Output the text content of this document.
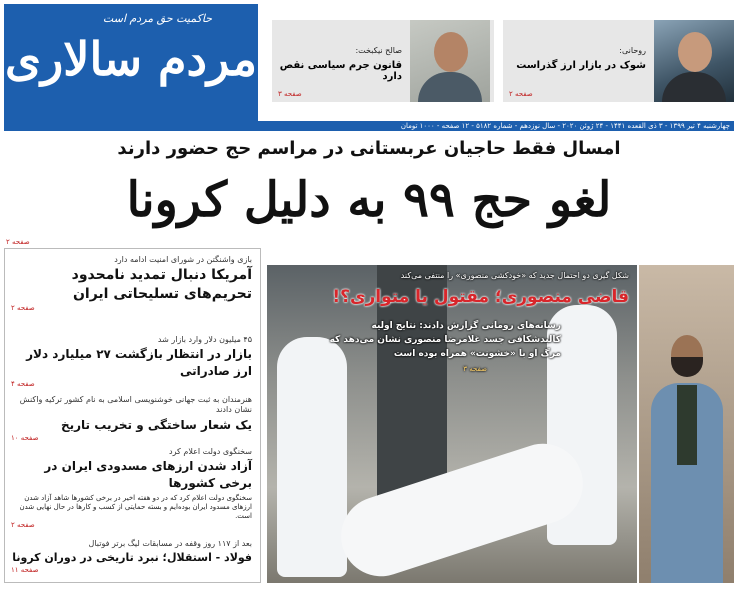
حاکمیت حق مردم است
مردم سالاری	روحانی:
شوک در بازار ارز گذراست
صفحه ۲
صالح نیکبخت:
قانون جرم سیاسی نقص دارد
صفحه ۳
چهارشنبه ۴ تیر ۱۳۹۹ - ۳ ذی القعده ۱۴۴۱ - ۲۴ ژوئن ۲۰۲۰ - سال نوزدهم - شماره ۵۱۸۲ - ۱۲ صفحه - ۱۰۰۰ تومان
امسال فقط حاجیان عربستانی در مراسم حج حضور دارند
لغو حج ۹۹ به دلیل کرونا
صفحه ۲
بازی واشنگتن در شورای امنیت ادامه دارد
آمریکا دنبال تمدید نامحدود تحریم‌های تسلیحاتی ایران
صفحه ۲
۴۵ میلیون دلار وارد بازار شد
بازار در انتظار بازگشت ۲۷ میلیارد دلار ارز صادراتی
صفحه ۴
هنرمندان به ثبت جهانی خوشنویسی اسلامی به نام کشور ترکیه واکنش نشان دادند
یک شعار ساختگی و تخریب تاریخ
صفحه ۱۰
سخنگوی دولت اعلام کرد
آزاد شدن ارزهای مسدودی ایران در برخی کشورها
سخنگوی دولت اعلام کرد که در دو هفته اخیر در برخی کشورها شاهد آزاد شدن ارزهای مسدود ایران بوده‌ایم و بسته حمایتی از کسب و کارها در حال نهایی شدن است.
صفحه ۲
بعد از ۱۱۷ روز وقفه در مسابقات لیگ برتر فوتبال
فولاد - استقلال؛ نبرد تاریخی در دوران کرونا
صفحه ۱۱
شکل گیری دو احتمال جدید که «خودکشی منصوری» را منتفی می‌کند
قاضی منصوری؛ مقتول یا متواری؟!
رسانه‌های رومانی گزارش دادند: نتایج اولیه
کالبدشکافی جسد غلامرضا منصوری نشان می‌دهد که
مرگ او با «خشونت» همراه بوده است
صفحه ۳
